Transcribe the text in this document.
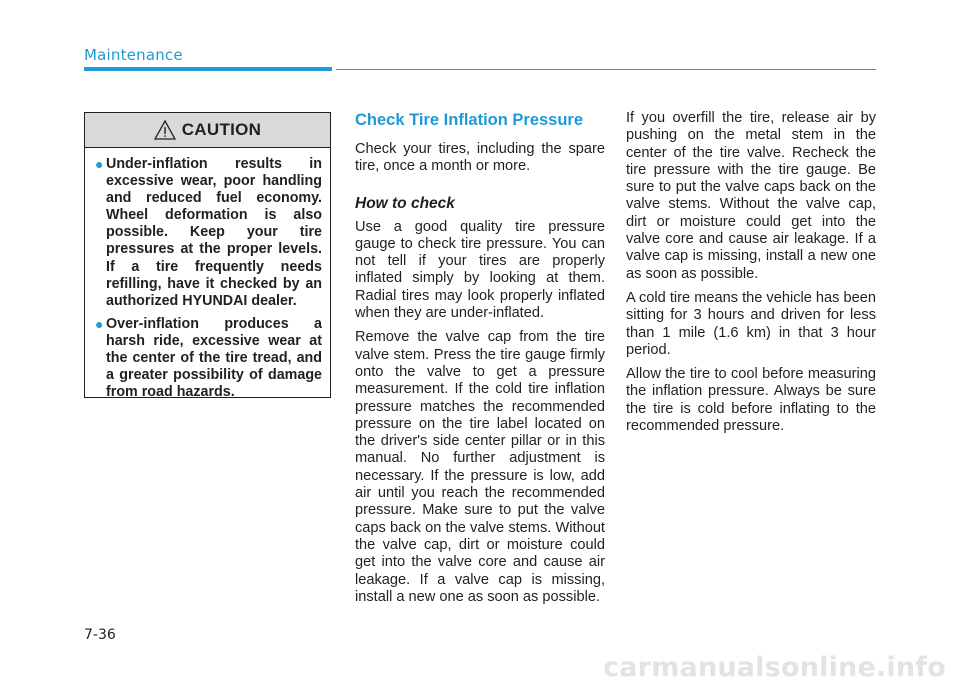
Maintenance
CAUTION
● Under-inflation results in excessive wear, poor handling and reduced fuel economy. Wheel deformation is also possible. Keep your tire pressures at the proper levels. If a tire frequently needs refilling, have it checked by an authorized HYUNDAI dealer.
● Over-inflation produces a harsh ride, excessive wear at the center of the tire tread, and a greater possibility of damage from road hazards.
Check Tire Inflation Pressure

Check your tires, including the spare tire, once a month or more.

How to check

Use a good quality tire pressure gauge to check tire pressure. You can not tell if your tires are properly inflated simply by looking at them. Radial tires may look properly inflated when they are under-inflated.

Remove the valve cap from the tire valve stem. Press the tire gauge firmly onto the valve to get a pressure measurement. If the cold tire inflation pressure matches the recommended pressure on the tire label located on the driver's side center pillar or in this manual. No further adjustment is necessary. If the pressure is low, add air until you reach the recommended pressure. Make sure to put the valve caps back on the valve stems. Without the valve cap, dirt or moisture could get into the valve core and cause air leakage. If a valve cap is missing, install a new one as soon as possible.

If you overfill the tire, release air by pushing on the metal stem in the center of the tire valve. Recheck the tire pressure with the tire gauge. Be sure to put the valve caps back on the valve stems. Without the valve cap, dirt or moisture could get into the valve core and cause air leakage. If a valve cap is missing, install a new one as soon as possible.

A cold tire means the vehicle has been sitting for 3 hours and driven for less than 1 mile (1.6 km) in that 3 hour period.

Allow the tire to cool before measuring the inflation pressure. Always be sure the tire is cold before inflating to the recommended pressure.

7-36
carmanualsonline.info
